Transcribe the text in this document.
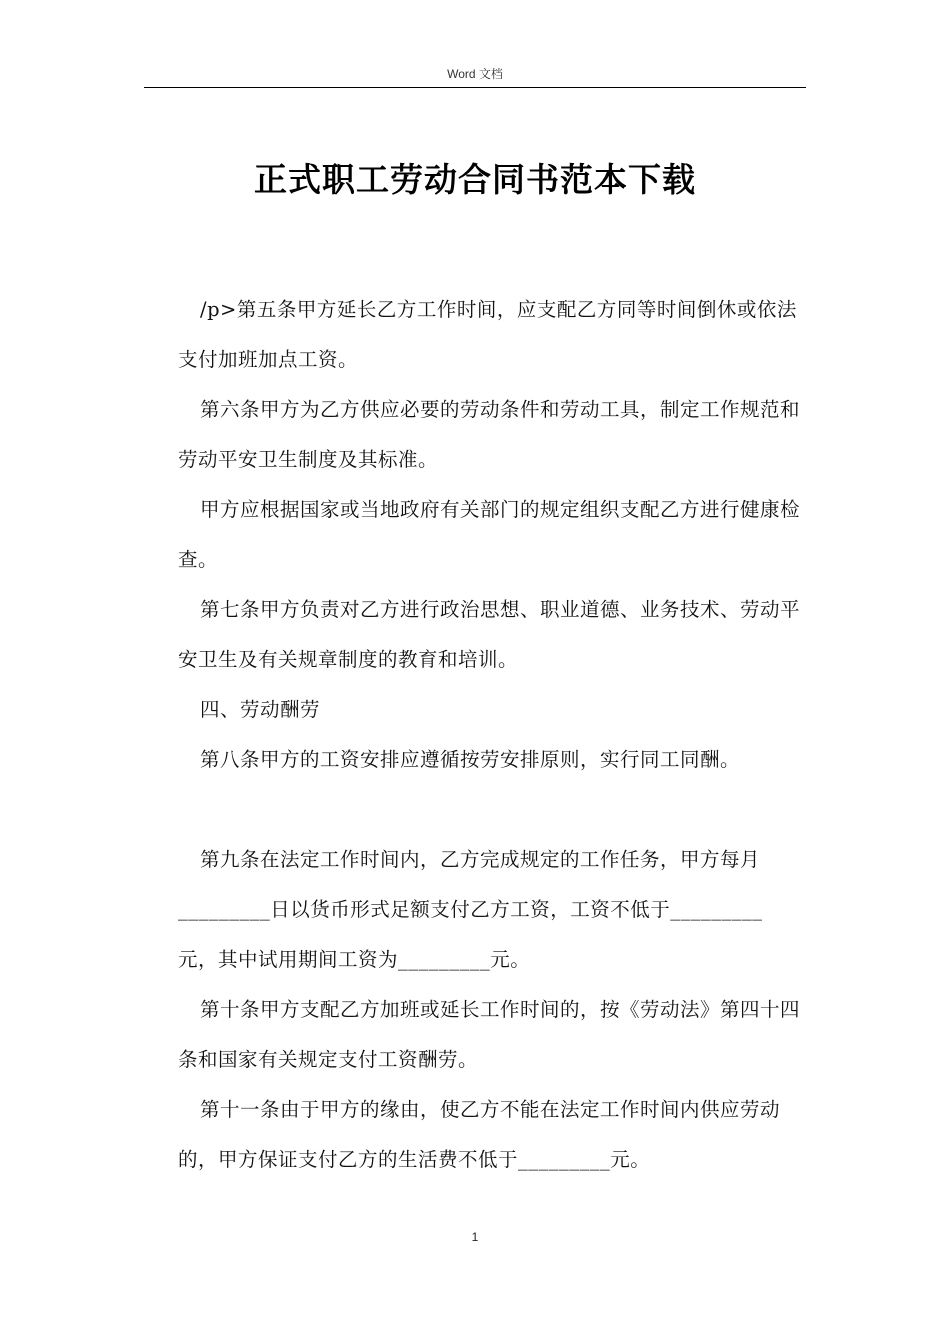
Word 文档
正式职工劳动合同书范本下载

/p>第五条甲方延长乙方工作时间，应支配乙方同等时间倒休或依法支付加班加点工资。

第六条甲方为乙方供应必要的劳动条件和劳动工具，制定工作规范和劳动平安卫生制度及其标准。

甲方应根据国家或当地政府有关部门的规定组织支配乙方进行健康检查。

第七条甲方负责对乙方进行政治思想、职业道德、业务技术、劳动平安卫生及有关规章制度的教育和培训。

四、劳动酬劳

第八条甲方的工资安排应遵循按劳安排原则，实行同工同酬。

第九条在法定工作时间内，乙方完成规定的工作任务，甲方每月_________日以货币形式足额支付乙方工资，工资不低于_________元，其中试用期间工资为_________元。

第十条甲方支配乙方加班或延长工作时间的，按《劳动法》第四十四条和国家有关规定支付工资酬劳。

第十一条由于甲方的缘由，使乙方不能在法定工作时间内供应劳动的，甲方保证支付乙方的生活费不低于_________元。

1
